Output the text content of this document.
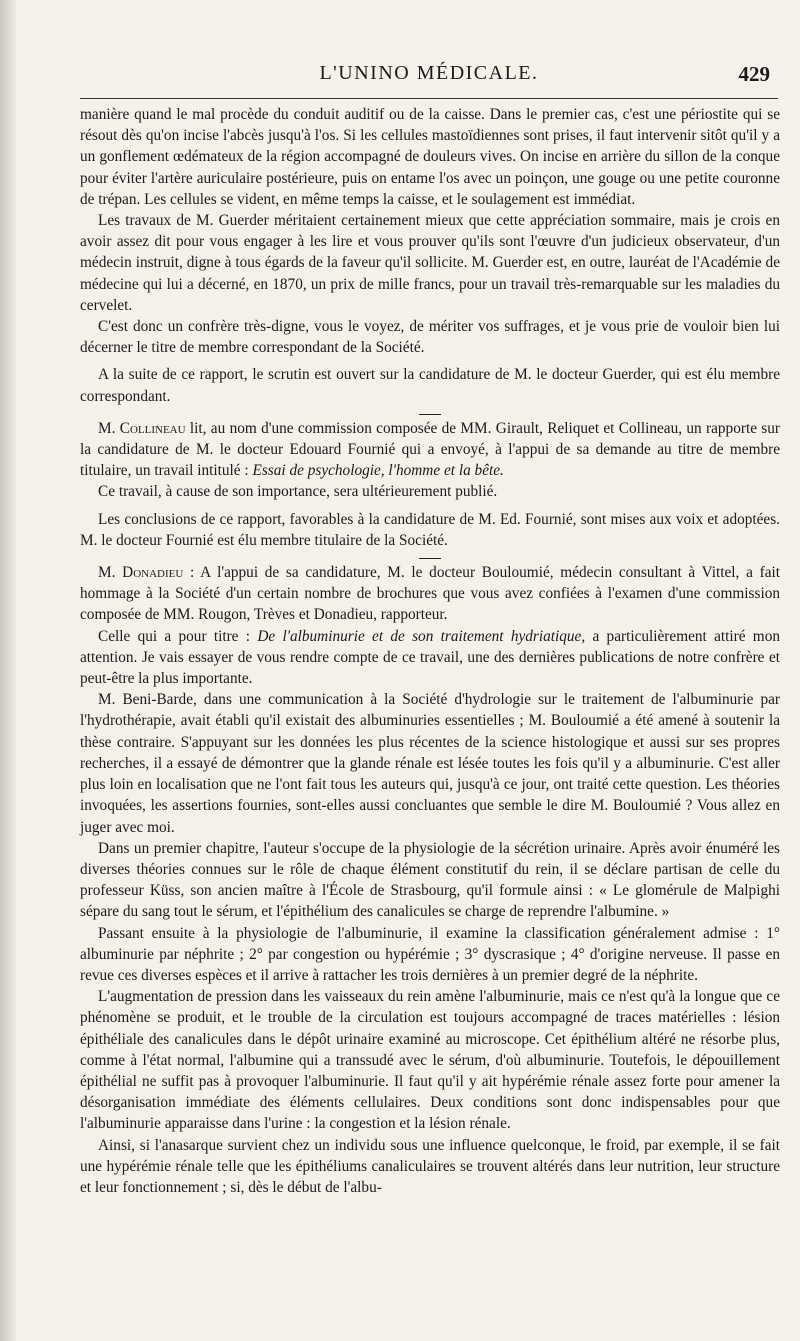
L'UNINO MÉDICALE.	429

manière quand le mal procède du conduit auditif ou de la caisse. Dans le premier cas, c'est une périostite qui se résout dès qu'on incise l'abcès jusqu'à l'os. Si les cellules mastoïdiennes sont prises, il faut intervenir sitôt qu'il y a un gonflement œdémateux de la région accompagné de douleurs vives. On incise en arrière du sillon de la conque pour éviter l'artère auriculaire postérieure, puis on entame l'os avec un poinçon, une gouge ou une petite couronne de trépan. Les cellules se vident, en même temps la caisse, et le soulagement est immédiat.

Les travaux de M. Guerder méritaient certainement mieux que cette appréciation sommaire, mais je crois en avoir assez dit pour vous engager à les lire et vous prouver qu'ils sont l'œuvre d'un judicieux observateur, d'un médecin instruit, digne à tous égards de la faveur qu'il sollicite. M. Guerder est, en outre, lauréat de l'Académie de médecine qui lui a décerné, en 1870, un prix de mille francs, pour un travail très-remarquable sur les maladies du cervelet.

C'est donc un confrère très-digne, vous le voyez, de mériter vos suffrages, et je vous prie de vouloir bien lui décerner le titre de membre correspondant de la Société.

A la suite de ce rapport, le scrutin est ouvert sur la candidature de M. le docteur Guerder, qui est élu membre correspondant.

M. Collineau lit, au nom d'une commission composée de MM. Girault, Reliquet et Collineau, un rapporte sur la candidature de M. le docteur Edouard Fournié qui a envoyé, à l'appui de sa demande au titre de membre titulaire, un travail intitulé : Essai de psychologie, l'homme et la bête.

Ce travail, à cause de son importance, sera ultérieurement publié.

Les conclusions de ce rapport, favorables à la candidature de M. Ed. Fournié, sont mises aux voix et adoptées. M. le docteur Fournié est élu membre titulaire de la Société.

M. Donadieu : A l'appui de sa candidature, M. le docteur Bouloumié, médecin consultant à Vittel, a fait hommage à la Société d'un certain nombre de brochures que vous avez confiées à l'examen d'une commission composée de MM. Rougon, Trèves et Donadieu, rapporteur.

Celle qui a pour titre : De l'albuminurie et de son traitement hydriatique, a particulièrement attiré mon attention. Je vais essayer de vous rendre compte de ce travail, une des dernières publications de notre confrère et peut-être la plus importante.

M. Beni-Barde, dans une communication à la Société d'hydrologie sur le traitement de l'albuminurie par l'hydrothérapie, avait établi qu'il existait des albuminuries essentielles ; M. Bouloumié a été amené à soutenir la thèse contraire. S'appuyant sur les données les plus récentes de la science histologique et aussi sur ses propres recherches, il a essayé de démontrer que la glande rénale est lésée toutes les fois qu'il y a albuminurie. C'est aller plus loin en localisation que ne l'ont fait tous les auteurs qui, jusqu'à ce jour, ont traité cette question. Les théories invoquées, les assertions fournies, sont-elles aussi concluantes que semble le dire M. Bouloumié ? Vous allez en juger avec moi.

Dans un premier chapitre, l'auteur s'occupe de la physiologie de la sécrétion urinaire. Après avoir énuméré les diverses théories connues sur le rôle de chaque élément constitutif du rein, il se déclare partisan de celle du professeur Küss, son ancien maître à l'École de Strasbourg, qu'il formule ainsi : « Le glomérule de Malpighi sépare du sang tout le sérum, et l'épithélium des canalicules se charge de reprendre l'albumine. »

Passant ensuite à la physiologie de l'albuminurie, il examine la classification généralement admise : 1° albuminurie par néphrite ; 2° par congestion ou hypérémie ; 3° dyscrasique ; 4° d'origine nerveuse. Il passe en revue ces diverses espèces et il arrive à rattacher les trois dernières à un premier degré de la néphrite.

L'augmentation de pression dans les vaisseaux du rein amène l'albuminurie, mais ce n'est qu'à la longue que ce phénomène se produit, et le trouble de la circulation est toujours accompagné de traces matérielles : lésion épithéliale des canalicules dans le dépôt urinaire examiné au microscope. Cet épithélium altéré ne résorbe plus, comme à l'état normal, l'albumine qui a transsudé avec le sérum, d'où albuminurie. Toutefois, le dépouillement épithélial ne suffit pas à provoquer l'albuminurie. Il faut qu'il y ait hypérémie rénale assez forte pour amener la désorganisation immédiate des éléments cellulaires. Deux conditions sont donc indispensables pour que l'albuminurie apparaisse dans l'urine : la congestion et la lésion rénale.

Ainsi, si l'anasarque survient chez un individu sous une influence quelconque, le froid, par exemple, il se fait une hypérémie rénale telle que les épithéliums canaliculaires se trouvent altérés dans leur nutrition, leur structure et leur fonctionnement ; si, dès le début de l'albu-
